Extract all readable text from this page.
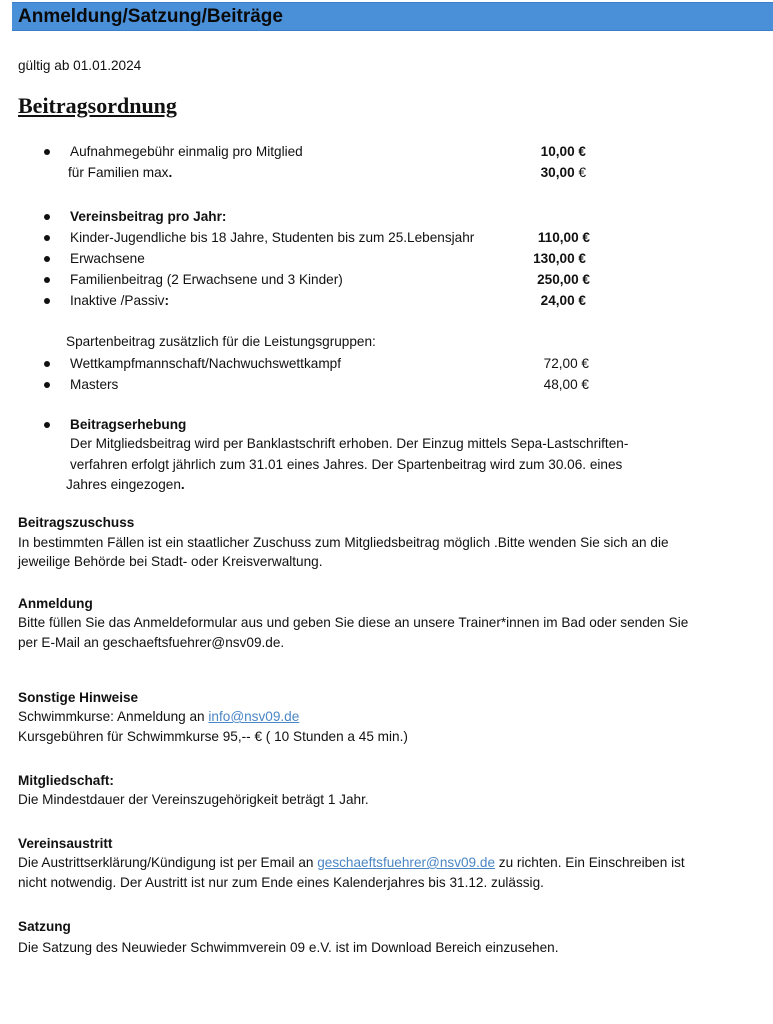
Anmeldung/Satzung/Beiträge
gültig ab 01.01.2024
Beitragsordnung
Aufnahmegebühr einmalig pro Mitglied	10,00 €
für Familien max.	30,00 €
Vereinsbeitrag pro Jahr:
Kinder-Jugendliche bis 18 Jahre, Studenten bis zum 25.Lebensjahr	110,00 €
Erwachsene	130,00 €
Familienbeitrag (2 Erwachsene und 3 Kinder)	250,00 €
Inaktive /Passiv:	24,00 €
Spartenbeitrag zusätzlich für die Leistungsgruppen:
Wettkampfmannschaft/Nachwuchswettkampf	72,00 €
Masters	48,00 €
Beitragserhebung
Der Mitgliedsbeitrag wird per Banklastschrift erhoben. Der Einzug mittels Sepa-Lastschriften-
verfahren erfolgt jährlich zum 31.01 eines Jahres. Der Spartenbeitrag wird zum 30.06. eines
Jahres eingezogen.
Beitragszuschuss
In bestimmten Fällen ist ein staatlicher Zuschuss zum Mitgliedsbeitrag möglich .Bitte wenden Sie sich an die
jeweilige Behörde bei Stadt- oder Kreisverwaltung.
Anmeldung
Bitte füllen Sie das Anmeldeformular aus und geben Sie diese an unsere Trainer*innen im Bad oder senden Sie
per E-Mail an geschaeftsfuehrer@nsv09.de.
Sonstige Hinweise
Schwimmkurse: Anmeldung an info@nsv09.de
Kursgebühren für Schwimmkurse 95,-- € ( 10 Stunden a 45 min.)
Mitgliedschaft:
Die Mindestdauer der Vereinszugehörigkeit beträgt 1 Jahr.
Vereinsaustritt
Die Austrittserklärung/Kündigung ist per Email an geschaeftsfuehrer@nsv09.de zu richten. Ein Einschreiben ist
nicht notwendig. Der Austritt ist nur zum Ende eines Kalenderjahres bis 31.12. zulässig.
Satzung
Die Satzung des Neuwieder Schwimmverein 09 e.V. ist im Download Bereich einzusehen.
